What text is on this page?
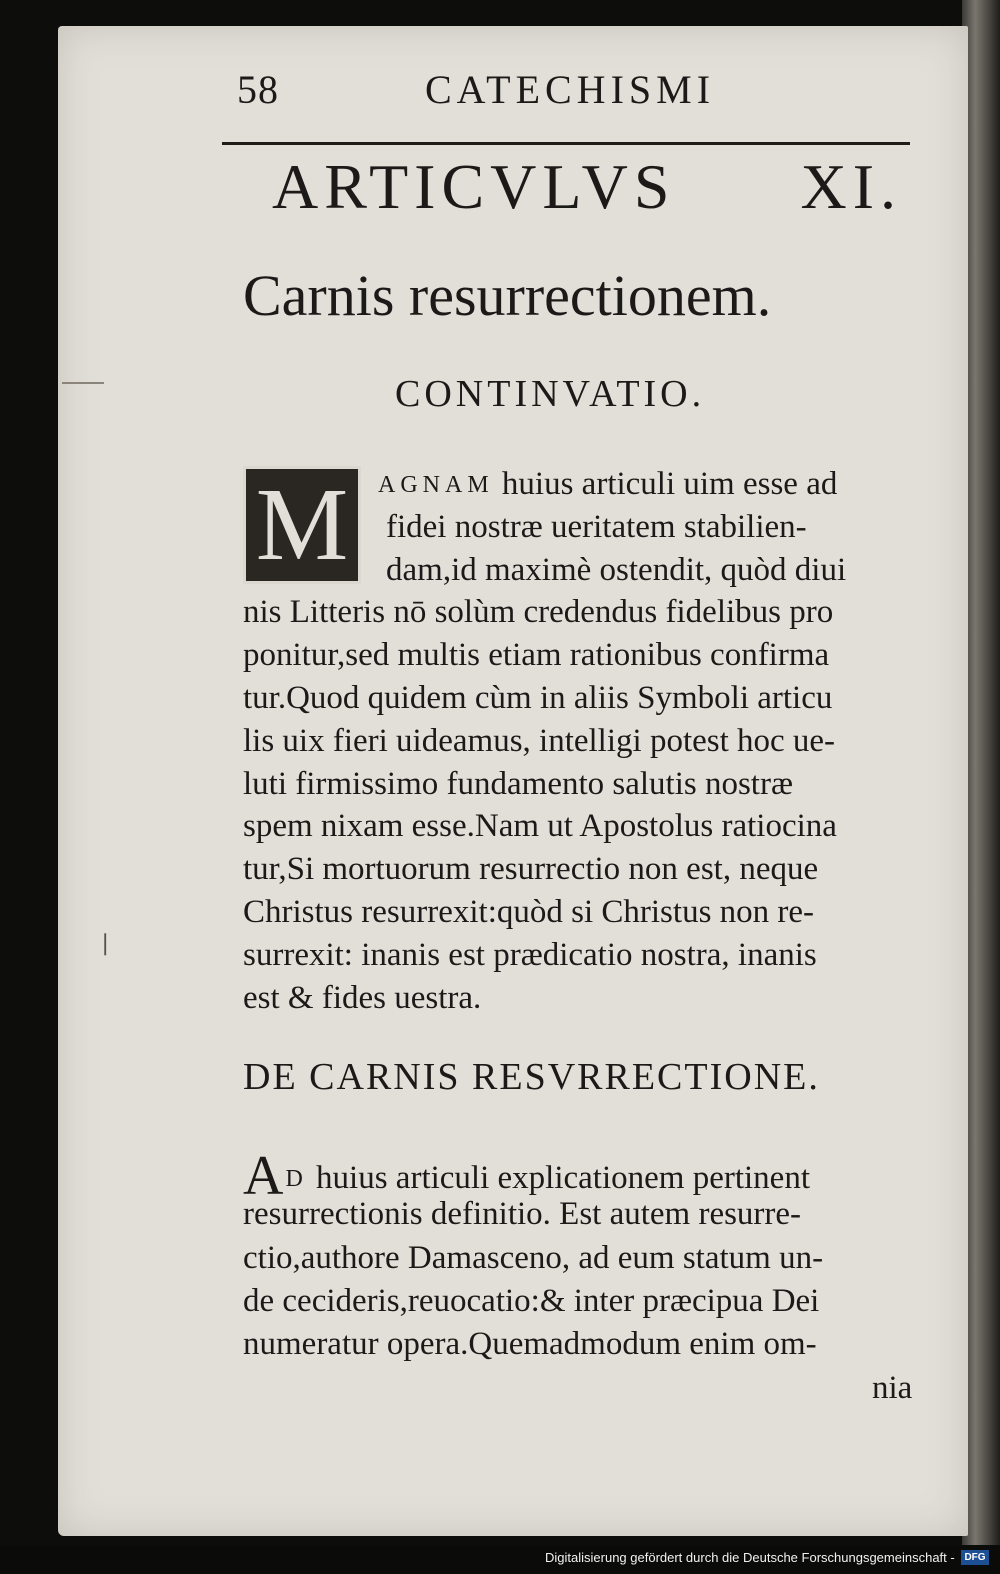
❘

58	CATECHISMI

ARTICVLVS XI.
Carnis resurrectionem.
CONTINVATIO.
M	AGNAM huius articuli uim esse ad

fidei nostræ ueritatem stabilien-

dam,id maximè ostendit, quòd diui

nis Litteris nō solùm credendus fidelibus pro

ponitur,sed multis etiam rationibus confirma

tur.Quod quidem cùm in aliis Symboli articu

lis uix fieri uideamus, intelligi potest hoc ue-

luti firmissimo fundamento salutis nostræ

spem nixam esse.Nam ut Apostolus ratiocina

tur,Si mortuorum resurrectio non est, neque

Christus resurrexit:quòd si Christus non re-

surrexit: inanis est prædicatio nostra, inanis

est & fides uestra.

DE CARNIS RESVRRECTIONE.

AD huius articuli explicationem pertinent

resurrectionis definitio. Est autem resurre-

ctio,authore Damasceno, ad eum statum un-

de cecideris,reuocatio:& inter præcipua Dei

numeratur opera.Quemadmodum enim om-

nia

Digitalisierung gefördert durch die Deutsche Forschungsgemeinschaft - DFG
